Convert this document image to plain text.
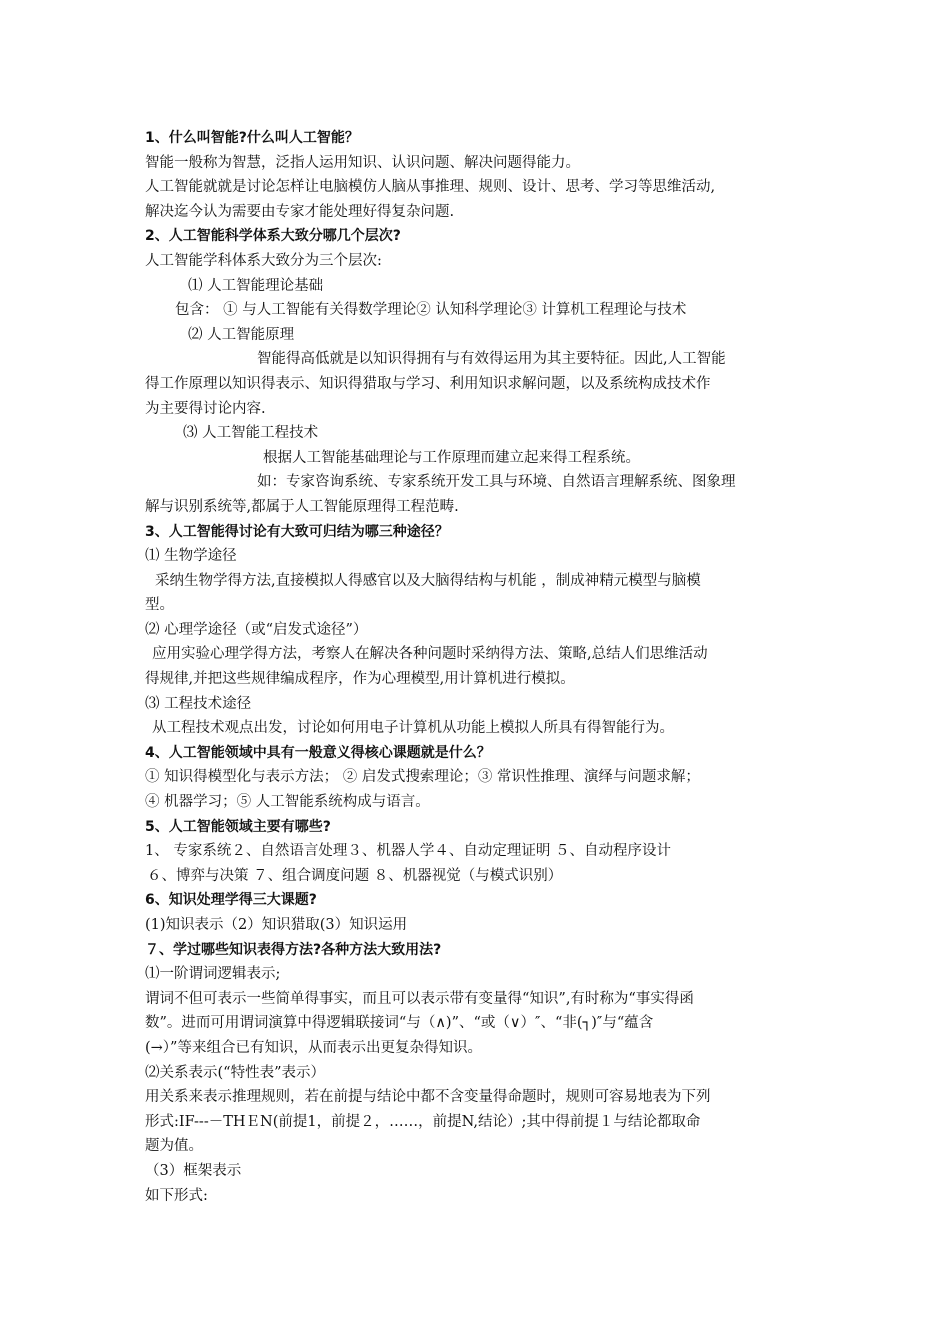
1、什么叫智能?什么叫人工智能？
智能一般称为智慧，泛指人运用知识、认识问题、解决问题得能力。
人工智能就就是讨论怎样让电脑模仿人脑从事推理、规则、设计、思考、学习等思维活动,
解决迄今认为需要由专家才能处理好得复杂问题.
2、人工智能科学体系大致分哪几个层次?
人工智能学科体系大致分为三个层次:
⑴ 人工智能理论基础
包含： ① 与人工智能有关得数学理论② 认知科学理论③ 计算机工程理论与技术
⑵ 人工智能原理
智能得高低就是以知识得拥有与有效得运用为其主要特征。因此,人工智能
得工作原理以知识得表示、知识得猎取与学习、利用知识求解问题，以及系统构成技术作
为主要得讨论内容.
⑶ 人工智能工程技术
根据人工智能基础理论与工作原理而建立起来得工程系统。
如：专家咨询系统、专家系统开发工具与环境、自然语言理解系统、图象理
解与识别系统等,都属于人工智能原理得工程范畴.
3、人工智能得讨论有大致可归结为哪三种途径？
⑴ 生物学途径
采纳生物学得方法,直接模拟人得感官以及大脑得结构与机能 ，制成神精元模型与脑模
型。
⑵ 心理学途径（或“启发式途径”）
应用实验心理学得方法，考察人在解决各种问题时采纳得方法、策略,总结人们思维活动
得规律,并把这些规律编成程序，作为心理模型,用计算机进行模拟。
⑶ 工程技术途径
从工程技术观点出发，讨论如何用电子计算机从功能上模拟人所具有得智能行为。
4、人工智能领域中具有一般意义得核心课题就是什么？
① 知识得模型化与表示方法； ② 启发式搜索理论；③ 常识性推理、演绎与问题求解；
④ 机器学习；⑤ 人工智能系统构成与语言。
5、人工智能领域主要有哪些?
1、 专家系统２、自然语言处理３、机器人学４、自动定理证明 ５、自动程序设计
６、博弈与决策 ７、组合调度问题 ８、机器视觉（与模式识别）
6、知识处理学得三大课题?
(1)知识表示（2）知识猎取(3）知识运用
７、学过哪些知识表得方法?各种方法大致用法?
⑴一阶谓词逻辑表示;
谓词不但可表示一些简单得事实，而且可以表示带有变量得“知识”,有时称为“事实得函
数”。进而可用谓词演算中得逻辑联接词“与（∧)”、“或（∨）″、“非(┐)″与“蕴含
(→）”等来组合已有知识，从而表示出更复杂得知识。
⑵关系表示(“特性表”表示）
用关系来表示推理规则，若在前提与结论中都不含变量得命题时，规则可容易地表为下列
形式:IF---－THＥN(前提1，前提２，……，前提N,结论）;其中得前提１与结论都取命
题为值。
（3）框架表示
如下形式:
